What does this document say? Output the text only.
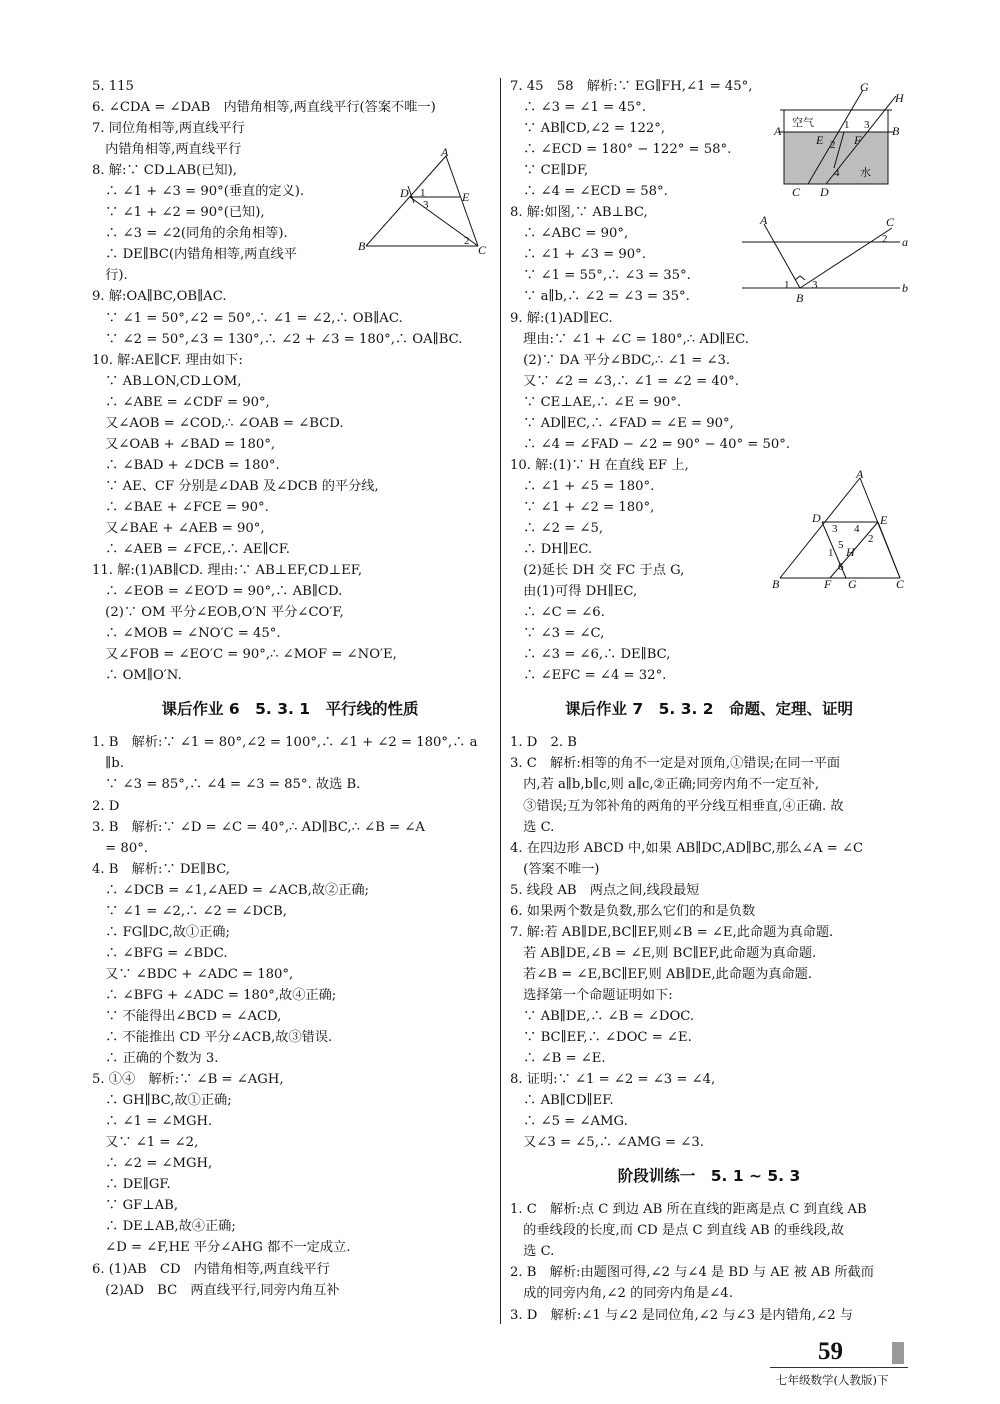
5. 115
6. ∠CDA = ∠DAB　内错角相等,两直线平行(答案不唯一)
7. 同位角相等,两直线平行
　内错角相等,两直线平行
8. 解:∵ CD⊥AB(已知),
　∴ ∠1 + ∠3 = 90°(垂直的定义).
　∵ ∠1 + ∠2 = 90°(已知),
　∴ ∠3 = ∠2(同角的余角相等).
　∴ DE∥BC(内错角相等,两直线平
　行).
9. 解:OA∥BC,OB∥AC.
　∵ ∠1 = 50°,∠2 = 50°,∴ ∠1 = ∠2,∴ OB∥AC.
　∵ ∠2 = 50°,∠3 = 130°,∴ ∠2 + ∠3 = 180°,∴ OA∥BC.
10. 解:AE∥CF. 理由如下:
　∵ AB⊥ON,CD⊥OM,
　∴ ∠ABE = ∠CDF = 90°,
　又∠AOB = ∠COD,∴ ∠OAB = ∠BCD.
　又∠OAB + ∠BAD = 180°,
　∴ ∠BAD + ∠DCB = 180°.
　∵ AE、CF 分别是∠DAB 及∠DCB 的平分线,
　∴ ∠BAE + ∠FCE = 90°.
　又∠BAE + ∠AEB = 90°,
　∴ ∠AEB = ∠FCE,∴ AE∥CF.
11. 解:(1)AB∥CD. 理由:∵ AB⊥EF,CD⊥EF,
　∴ ∠EOB = ∠EO′D = 90°,∴ AB∥CD.
　(2)∵ OM 平分∠EOB,O′N 平分∠CO′F,
　∴ ∠MOB = ∠NO′C = 45°.
　又∠FOB = ∠EO′C = 90°,∴ ∠MOF = ∠NO′E,
　∴ OM∥O′N.
课后作业 6　5. 3. 1　平行线的性质
1. B　解析:∵ ∠1 = 80°,∠2 = 100°,∴ ∠1 + ∠2 = 180°,∴ a
　∥b.
　∵ ∠3 = 85°,∴ ∠4 = ∠3 = 85°. 故选 B.
2. D
3. B　解析:∵ ∠D = ∠C = 40°,∴ AD∥BC,∴ ∠B = ∠A
　= 80°.
4. B　解析:∵ DE∥BC,
　∴ ∠DCB = ∠1,∠AED = ∠ACB,故②正确;
　∵ ∠1 = ∠2,∴ ∠2 = ∠DCB,
　∴ FG∥DC,故①正确;
　∴ ∠BFG = ∠BDC.
　又∵ ∠BDC + ∠ADC = 180°,
　∴ ∠BFG + ∠ADC = 180°,故④正确;
　∵ 不能得出∠BCD = ∠ACD,
　∴ 不能推出 CD 平分∠ACB,故③错误.
　∴ 正确的个数为 3.
5. ①④　解析:∵ ∠B = ∠AGH,
　∴ GH∥BC,故①正确;
　∴ ∠1 = ∠MGH.
　又∵ ∠1 = ∠2,
　∴ ∠2 = ∠MGH,
　∴ DE∥GF.
　∵ GF⊥AB,
　∴ DE⊥AB,故④正确;
　∠D = ∠F,HE 平分∠AHG 都不一定成立.
6. (1)AB　CD　内错角相等,两直线平行
　(2)AD　BC　两直线平行,同旁内角互补
7. 45　58　解析:∵ EG∥FH,∠1 = 45°,
　∴ ∠3 = ∠1 = 45°.
　∵ AB∥CD,∠2 = 122°,
　∴ ∠ECD = 180° − 122° = 58°.
　∵ CE∥DF,
　∴ ∠4 = ∠ECD = 58°.
8. 解:如图,∵ AB⊥BC,
　∴ ∠ABC = 90°,
　∴ ∠1 + ∠3 = 90°.
　∵ ∠1 = 55°,∴ ∠3 = 35°.
　∵ a∥b,∴ ∠2 = ∠3 = 35°.
9. 解:(1)AD∥EC.
　理由:∵ ∠1 + ∠C = 180°,∴ AD∥EC.
　(2)∵ DA 平分∠BDC,∴ ∠1 = ∠3.
　又∵ ∠2 = ∠3,∴ ∠1 = ∠2 = 40°.
　∵ CE⊥AE,∴ ∠E = 90°.
　∵ AD∥EC,∴ ∠FAD = ∠E = 90°,
　∴ ∠4 = ∠FAD − ∠2 = 90° − 40° = 50°.
10. 解:(1)∵ H 在直线 EF 上,
　∴ ∠1 + ∠5 = 180°.
　∵ ∠1 + ∠2 = 180°,
　∴ ∠2 = ∠5,
　∴ DH∥EC.
　(2)延长 DH 交 FC 于点 G,
　由(1)可得 DH∥EC,
　∴ ∠C = ∠6.
　∵ ∠3 = ∠C,
　∴ ∠3 = ∠6,∴ DE∥BC,
　∴ ∠EFC = ∠4 = 32°.
课后作业 7　5. 3. 2　命题、定理、证明
1. D　2. B
3. C　解析:相等的角不一定是对顶角,①错误;在同一平面
　内,若 a∥b,b∥c,则 a∥c,②正确;同旁内角不一定互补,
　③错误;互为邻补角的两角的平分线互相垂直,④正确. 故
　选 C.
4. 在四边形 ABCD 中,如果 AB∥DC,AD∥BC,那么∠A = ∠C
　(答案不唯一)
5. 线段 AB　两点之间,线段最短
6. 如果两个数是负数,那么它们的和是负数
7. 解:若 AB∥DE,BC∥EF,则∠B = ∠E,此命题为真命题.
　若 AB∥DE,∠B = ∠E,则 BC∥EF,此命题为真命题.
　若∠B = ∠E,BC∥EF,则 AB∥DE,此命题为真命题.
　选择第一个命题证明如下:
　∵ AB∥DE,∴ ∠B = ∠DOC.
　∵ BC∥EF,∴ ∠DOC = ∠E.
　∴ ∠B = ∠E.
8. 证明:∵ ∠1 = ∠2 = ∠3 = ∠4,
　∴ AB∥CD∥EF.
　∴ ∠5 = ∠AMG.
　又∠3 = ∠5,∴ ∠AMG = ∠3.
阶段训练一　5. 1 ~ 5. 3
1. C　解析:点 C 到边 AB 所在直线的距离是点 C 到直线 AB
　的垂线段的长度,而 CD 是点 C 到直线 AB 的垂线段,故
　选 C.
2. B　解析:由题图可得,∠2 与∠4 是 BD 与 AE 被 AB 所截而
　成的同旁内角,∠2 的同旁内角是∠4.
3. D　解析:∠1 与∠2 是同位角,∠2 与∠3 是内错角,∠2 与
A
D	E
B	C
1
3
2
G
H
A	B
E	F
C D
1
2
3
4
空气
水
A	C
B
a
b
1
2
3
A
D	E
H
B	F G	C
1
2
3 4
5
6
59
七年级数学(人教版)下
